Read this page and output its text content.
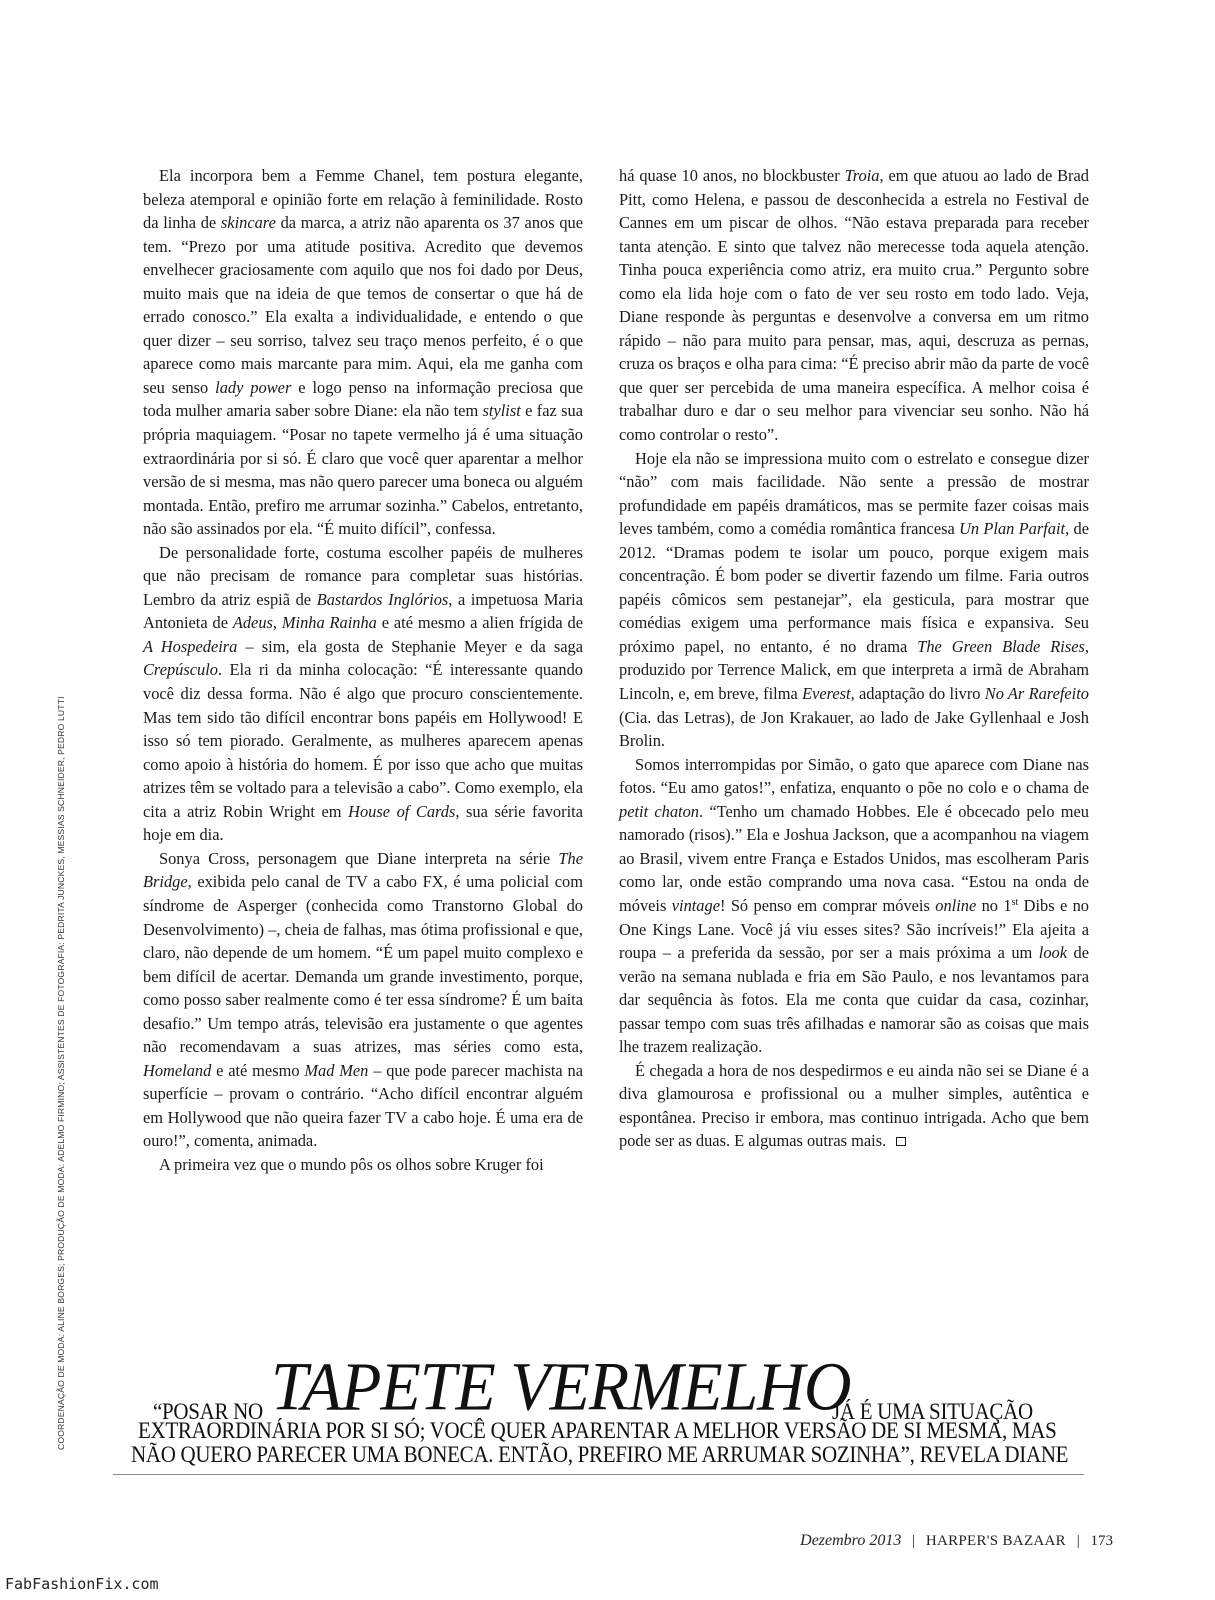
Ela incorpora bem a Femme Chanel, tem postura elegante, beleza atemporal e opinião forte em relação à feminilidade. Rosto da linha de skincare da marca, a atriz não aparenta os 37 anos que tem. “Prezo por uma atitude positiva. Acredito que devemos envelhecer graciosamente com aquilo que nos foi dado por Deus, muito mais que na ideia de que temos de consertar o que há de errado conosco.” Ela exalta a individualidade, e entendo o que quer dizer – seu sorriso, talvez seu traço menos perfeito, é o que aparece como mais marcante para mim. Aqui, ela me ganha com seu senso lady power e logo penso na informação preciosa que toda mulher amaria saber sobre Diane: ela não tem stylist e faz sua própria maquiagem. “Posar no tapete vermelho já é uma situação extraordinária por si só. É claro que você quer aparentar a melhor versão de si mesma, mas não quero parecer uma boneca ou alguém montada. Então, prefiro me arrumar sozinha.” Cabelos, entretanto, não são assinados por ela. “É muito difícil”, confessa.

De personalidade forte, costuma escolher papéis de mulheres que não precisam de romance para completar suas histórias. Lembro da atriz espiã de Bastardos Inglórios, a impetuosa Maria Antonieta de Adeus, Minha Rainha e até mesmo a alien frígida de A Hospedeira – sim, ela gosta de Stephanie Meyer e da saga Crepúsculo. Ela ri da minha colocação: “É interessante quando você diz dessa forma. Não é algo que procuro conscientemente. Mas tem sido tão difícil encontrar bons papéis em Hollywood! E isso só tem piorado. Geralmente, as mulheres aparecem apenas como apoio à história do homem. É por isso que acho que muitas atrizes têm se voltado para a televisão a cabo”. Como exemplo, ela cita a atriz Robin Wright em House of Cards, sua série favorita hoje em dia.

Sonya Cross, personagem que Diane interpreta na série The Bridge, exibida pelo canal de TV a cabo FX, é uma policial com síndrome de Asperger (conhecida como Transtorno Global do Desenvolvimento) –, cheia de falhas, mas ótima profissional e que, claro, não depende de um homem. “É um papel muito complexo e bem difícil de acertar. Demanda um grande investimento, porque, como posso saber realmente como é ter essa síndrome? É um baita desafio.” Um tempo atrás, televisão era justamente o que agentes não recomendavam a suas atrizes, mas séries como esta, Homeland e até mesmo Mad Men – que pode parecer machista na superfície – provam o contrário. “Acho difícil encontrar alguém em Hollywood que não queira fazer TV a cabo hoje. É uma era de ouro!”, comenta, animada.

A primeira vez que o mundo pôs os olhos sobre Kruger foi

há quase 10 anos, no blockbuster Troia, em que atuou ao lado de Brad Pitt, como Helena, e passou de desconhecida a estrela no Festival de Cannes em um piscar de olhos. “Não estava preparada para receber tanta atenção. E sinto que talvez não merecesse toda aquela atenção. Tinha pouca experiência como atriz, era muito crua.” Pergunto sobre como ela lida hoje com o fato de ver seu rosto em todo lado. Veja, Diane responde às perguntas e desenvolve a conversa em um ritmo rápido – não para muito para pensar, mas, aqui, descruza as pernas, cruza os braços e olha para cima: “É preciso abrir mão da parte de você que quer ser percebida de uma maneira específica. A melhor coisa é trabalhar duro e dar o seu melhor para vivenciar seu sonho. Não há como controlar o resto”.

Hoje ela não se impressiona muito com o estrelato e consegue dizer “não” com mais facilidade. Não sente a pressão de mostrar profundidade em papéis dramáticos, mas se permite fazer coisas mais leves também, como a comédia romântica francesa Un Plan Parfait, de 2012. “Dramas podem te isolar um pouco, porque exigem mais concentração. É bom poder se divertir fazendo um filme. Faria outros papéis cômicos sem pestanejar”, ela gesticula, para mostrar que comédias exigem uma performance mais física e expansiva. Seu próximo papel, no entanto, é no drama The Green Blade Rises, produzido por Terrence Malick, em que interpreta a irmã de Abraham Lincoln, e, em breve, filma Everest, adaptação do livro No Ar Rarefeito (Cia. das Letras), de Jon Krakauer, ao lado de Jake Gyllenhaal e Josh Brolin.

Somos interrompidas por Simão, o gato que aparece com Diane nas fotos. “Eu amo gatos!”, enfatiza, enquanto o põe no colo e o chama de petit chaton. “Tenho um chamado Hobbes. Ele é obcecado pelo meu namorado (risos).” Ela e Joshua Jackson, que a acompanhou na viagem ao Brasil, vivem entre França e Estados Unidos, mas escolheram Paris como lar, onde estão comprando uma nova casa. “Estou na onda de móveis vintage! Só penso em comprar móveis online no 1st Dibs e no One Kings Lane. Você já viu esses sites? São incríveis!” Ela ajeita a roupa – a preferida da sessão, por ser a mais próxima a um look de verão na semana nublada e fria em São Paulo, e nos levantamos para dar sequência às fotos. Ela me conta que cuidar da casa, cozinhar, passar tempo com suas três afilhadas e namorar são as coisas que mais lhe trazem realização.

É chegada a hora de nos despedirmos e eu ainda não sei se Diane é a diva glamourosa e profissional ou a mulher simples, autêntica e espontânea. Preciso ir embora, mas continuo intrigada. Acho que bem pode ser as duas. E algumas outras mais.

COORDENAÇÃO DE MODA: ALINE BORGES; PRODUÇÃO DE MODA: ADELMO FIRMINO; ASSISTENTES DE FOTOGRAFIA: PEDRITA JUNCKES, MESSIAS SCHNEIDER, PEDRO LUTTI	“POSAR NO TAPETE VERMELHO
JÁ É UMA SITUAÇÃO
EXTRAORDINÁRIA POR SI SÓ; VOCÊ QUER APARENTAR A MELHOR VERSÃO DE SI MESMA, MAS
NÃO QUERO PARECER UMA BONECA. ENTÃO, PREFIRO ME ARRUMAR SOZINHA”, REVELA DIANE
Dezembro 2013 | HARPER'S BAZAAR | 173
FabFashionFix.com
